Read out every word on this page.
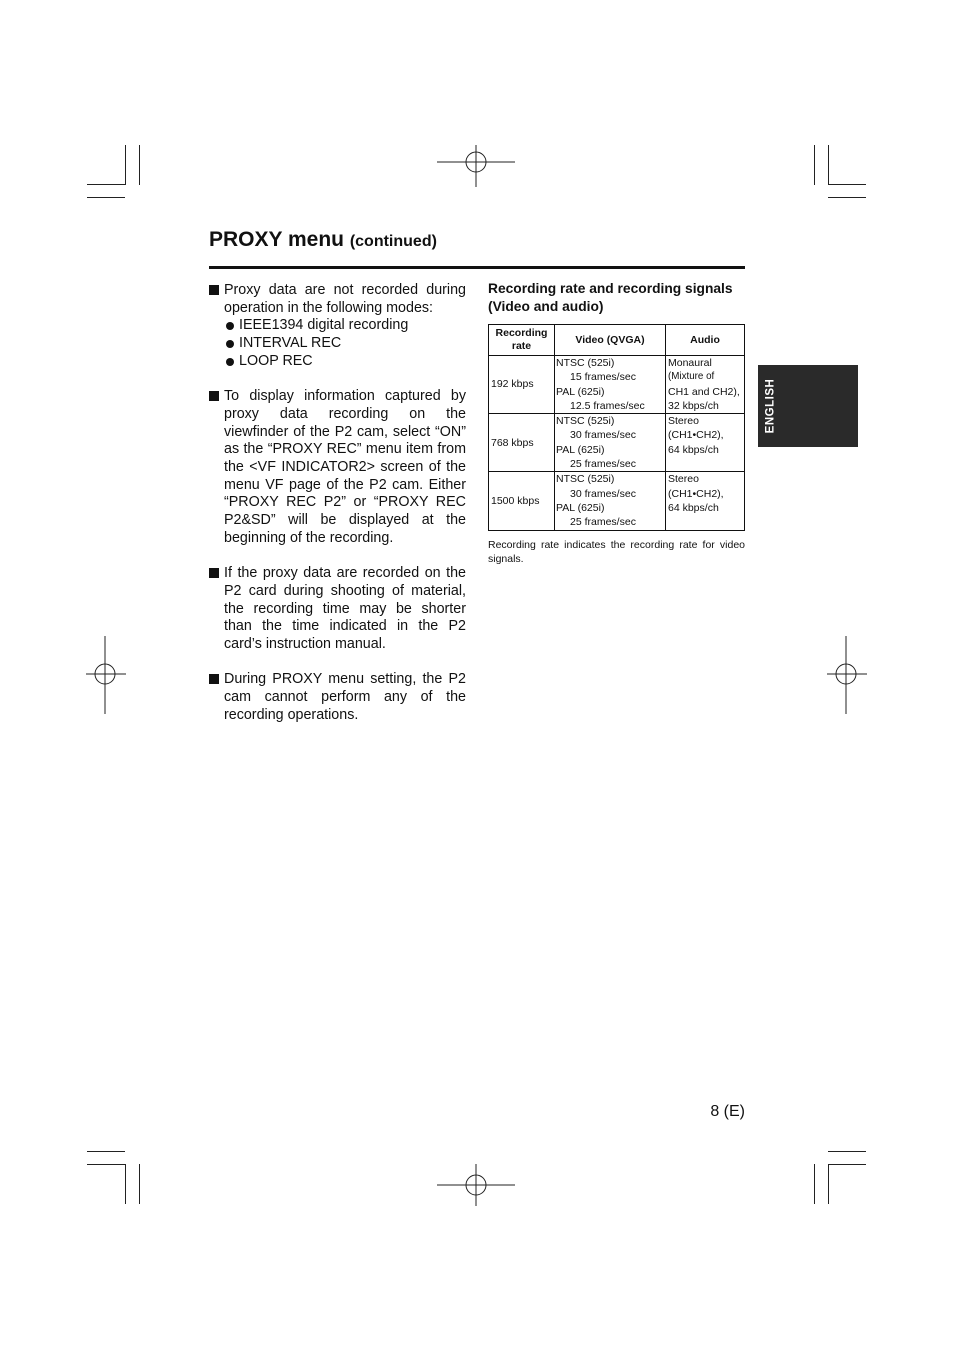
PROXY menu (continued)
Proxy data are not recorded during operation in the following modes:
IEEE1394 digital recording
INTERVAL REC
LOOP REC
To display information captured by proxy data recording on the viewfinder of the P2 cam, select “ON” as the “PROXY REC” menu item from the <VF INDICATOR2> screen of the menu VF page of the P2 cam. Either “PROXY REC P2” or “PROXY REC P2&SD” will be displayed at the beginning of the recording.
If the proxy data are recorded on the P2 card during shooting of material, the recording time may be shorter than the time indicated in the P2 card’s instruction manual.
During PROXY menu setting, the P2 cam cannot perform any of the recording operations.
Recording rate and recording signals (Video and audio)
Recording rate	Video (QVGA)	Audio
192 kbps	NTSC (525i)
15 frames/sec
PAL (625i)
12.5 frames/sec	Monaural
(Mixture of
CH1 and CH2),
32 kbps/ch

768 kbps	NTSC (525i)
30 frames/sec
PAL (625i)
25 frames/sec	Stereo
(CH1•CH2),
64 kbps/ch

1500 kbps	NTSC (525i)
30 frames/sec
PAL (625i)
25 frames/sec	Stereo
(CH1•CH2),
64 kbps/ch
Recording rate indicates the recording rate for video signals.
ENGLISH
8 (E)
